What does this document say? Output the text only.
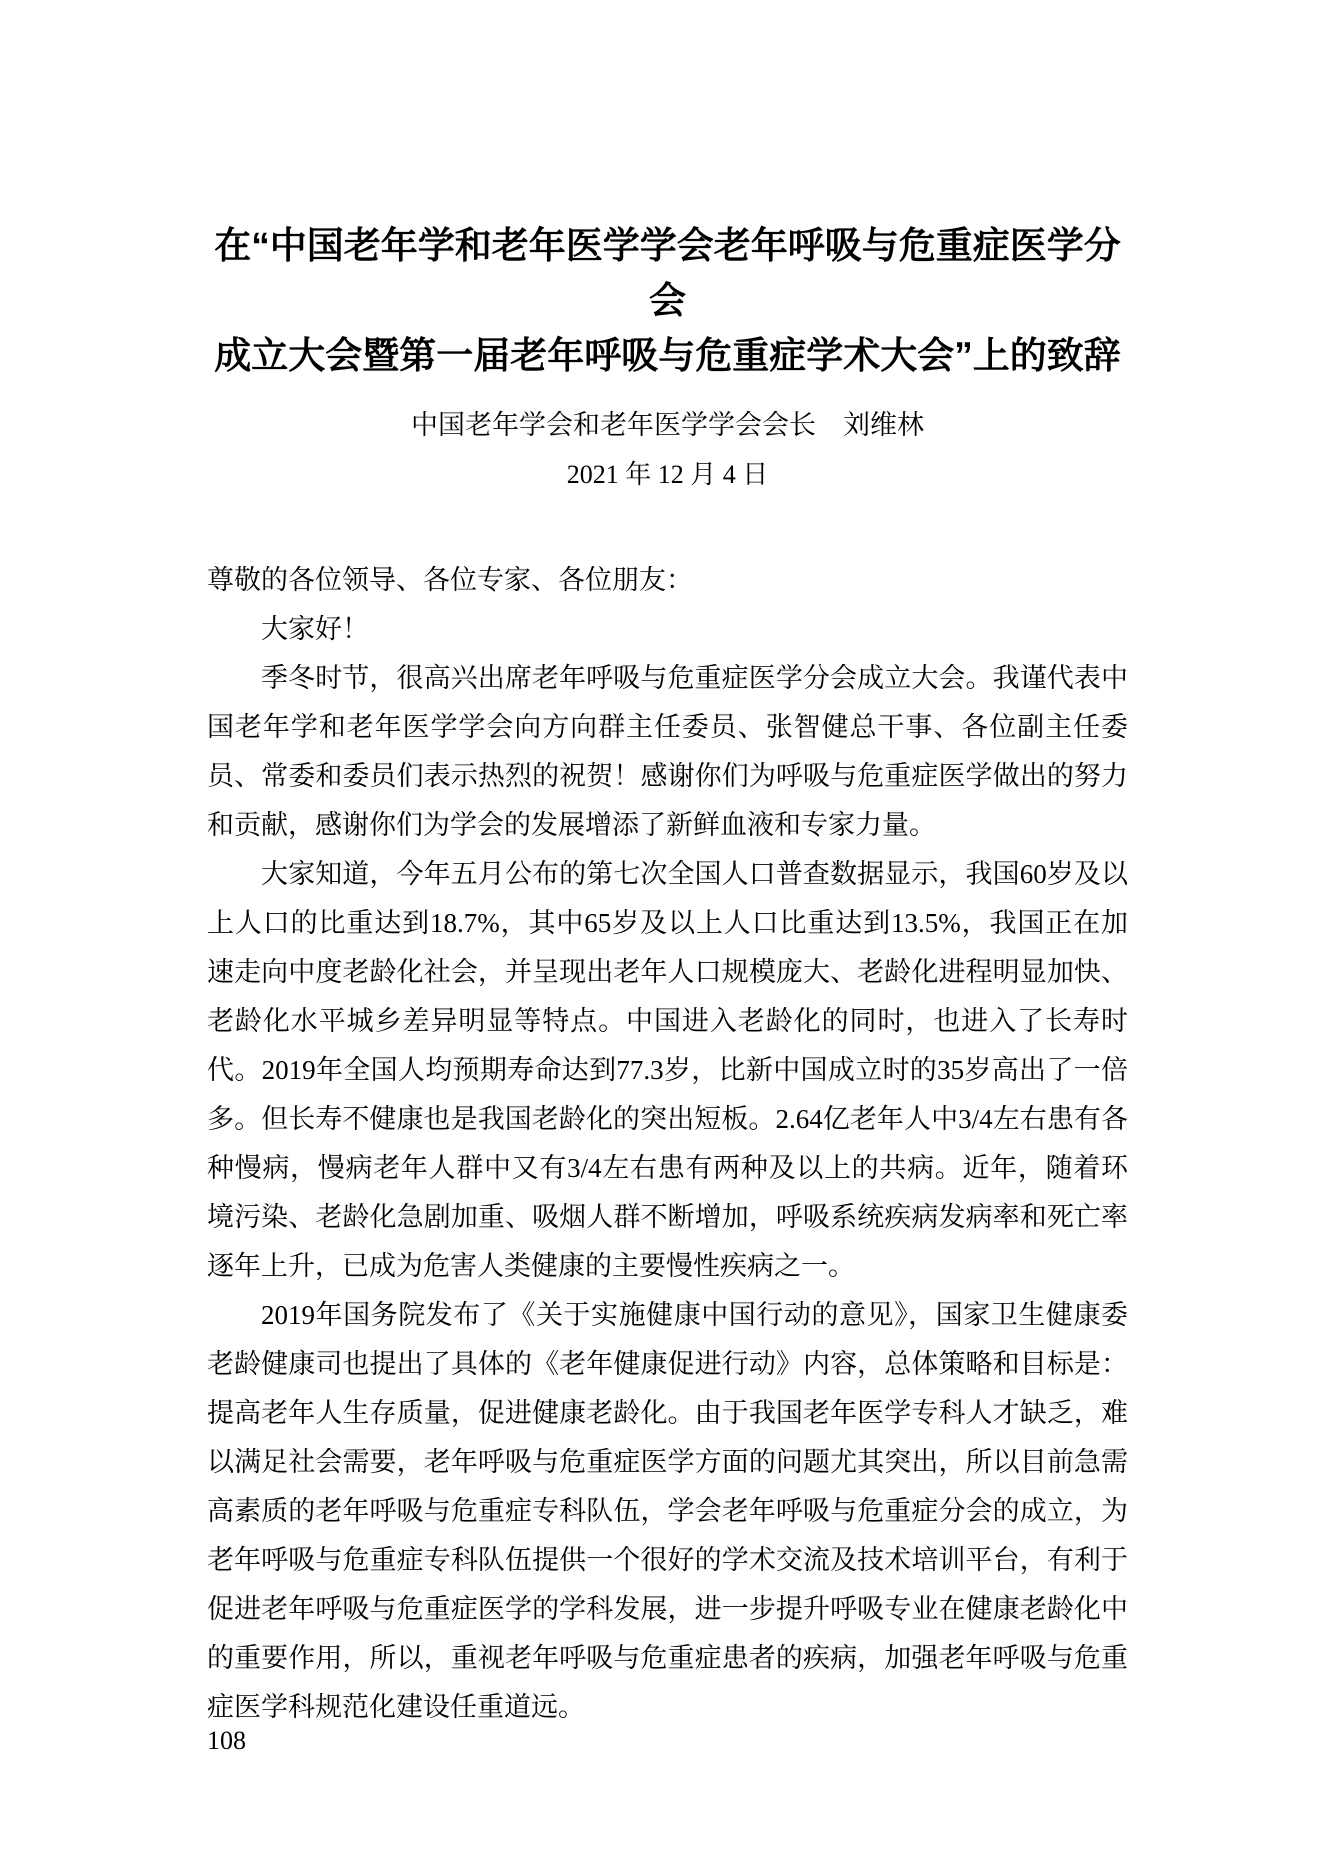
在“中国老年学和老年医学学会老年呼吸与危重症医学分会
成立大会暨第一届老年呼吸与危重症学术大会”上的致辞
中国老年学会和老年医学学会会长　刘维林
2021 年 12 月 4 日

尊敬的各位领导、各位专家、各位朋友：

大家好！

季冬时节，很高兴出席老年呼吸与危重症医学分会成立大会。我谨代表中国老年学和老年医学学会向方向群主任委员、张智健总干事、各位副主任委员、常委和委员们表示热烈的祝贺！感谢你们为呼吸与危重症医学做出的努力和贡献，感谢你们为学会的发展增添了新鲜血液和专家力量。

大家知道，今年五月公布的第七次全国人口普查数据显示，我国60岁及以上人口的比重达到18.7%，其中65岁及以上人口比重达到13.5%，我国正在加速走向中度老龄化社会，并呈现出老年人口规模庞大、老龄化进程明显加快、老龄化水平城乡差异明显等特点。中国进入老龄化的同时，也进入了长寿时代。2019年全国人均预期寿命达到77.3岁，比新中国成立时的35岁高出了一倍多。但长寿不健康也是我国老龄化的突出短板。2.64亿老年人中3/4左右患有各种慢病，慢病老年人群中又有3/4左右患有两种及以上的共病。近年，随着环境污染、老龄化急剧加重、吸烟人群不断增加，呼吸系统疾病发病率和死亡率逐年上升，已成为危害人类健康的主要慢性疾病之一。

2019年国务院发布了《关于实施健康中国行动的意见》，国家卫生健康委老龄健康司也提出了具体的《老年健康促进行动》内容，总体策略和目标是：提高老年人生存质量，促进健康老龄化。由于我国老年医学专科人才缺乏，难以满足社会需要，老年呼吸与危重症医学方面的问题尤其突出，所以目前急需高素质的老年呼吸与危重症专科队伍，学会老年呼吸与危重症分会的成立，为老年呼吸与危重症专科队伍提供一个很好的学术交流及技术培训平台，有利于促进老年呼吸与危重症医学的学科发展，进一步提升呼吸专业在健康老龄化中的重要作用，所以，重视老年呼吸与危重症患者的疾病，加强老年呼吸与危重症医学科规范化建设任重道远。

108
